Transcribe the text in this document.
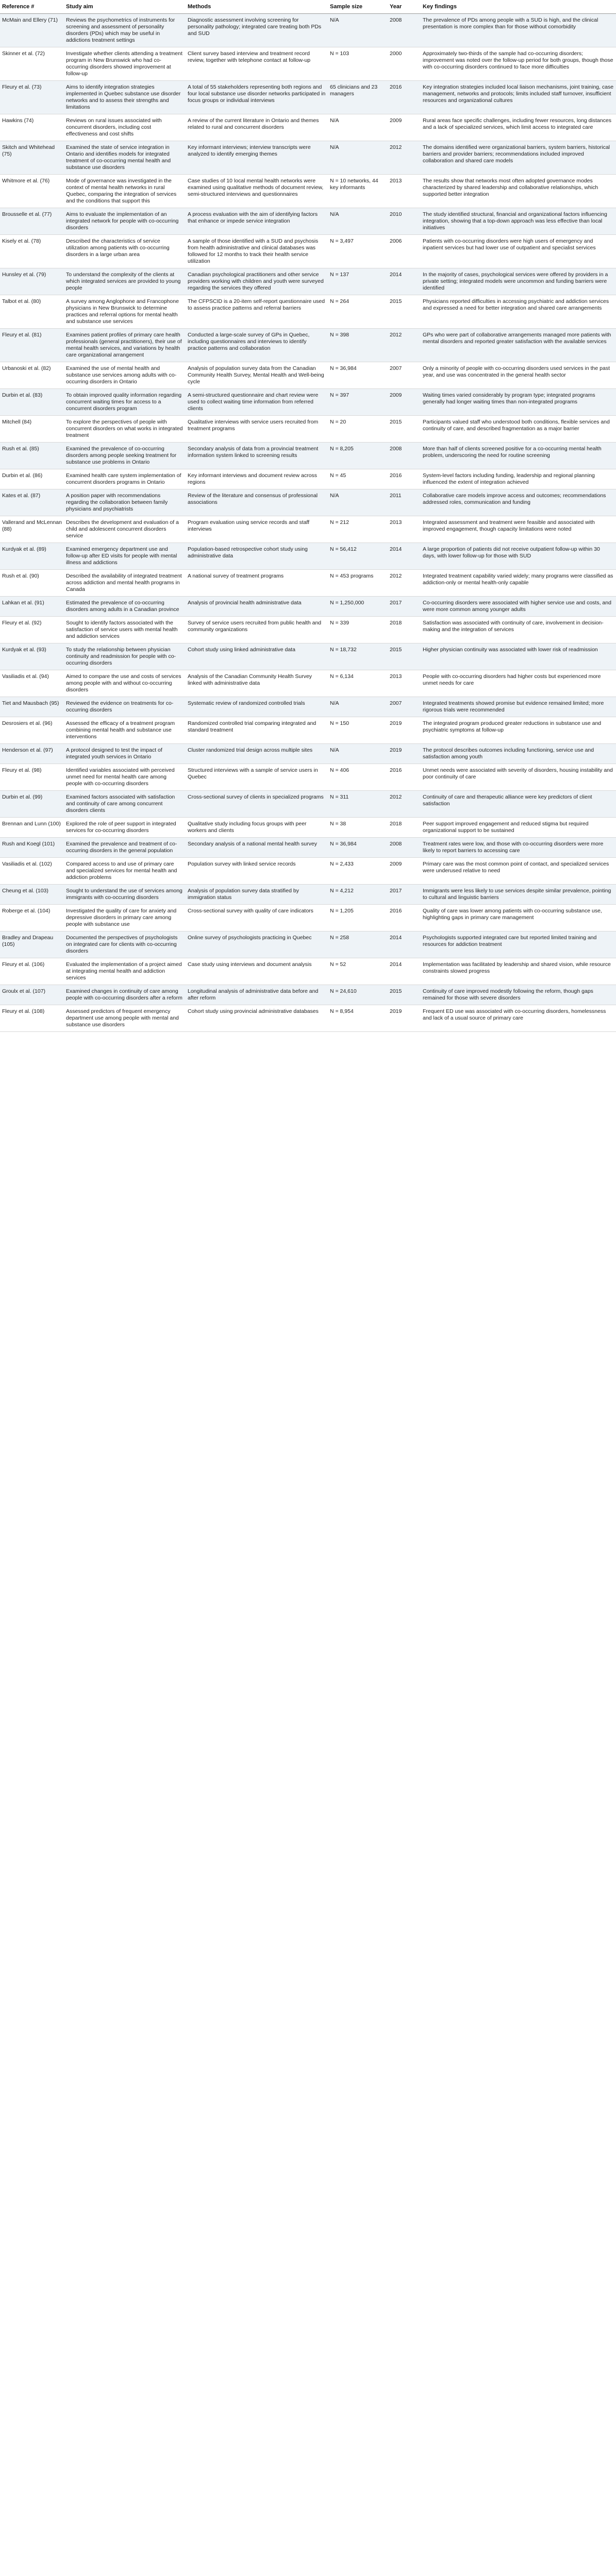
Reference #	Study aim	Methods	Sample size	Year	Key findings
McMain and Ellery (71)	Reviews the psychometrics of instruments for screening and assessment of personality disorders (PDs) which may be useful in addictions treatment settings	Diagnostic assessment involving screening for personality pathology; integrated care treating both PDs and SUD	N/A	2008	The prevalence of PDs among people with a SUD is high, and the clinical presentation is more complex than for those without comorbidity
Skinner et al. (72)	Investigate whether clients attending a treatment program in New Brunswick who had co-occurring disorders showed improvement at follow-up	Client survey based interview and treatment record review, together with telephone contact at follow-up	N = 103	2000	Approximately two-thirds of the sample had co-occurring disorders; improvement was noted over the follow-up period for both groups, though those with co-occurring disorders continued to face more difficulties
Fleury et al. (73)	Aims to identify integration strategies implemented in Quebec substance use disorder networks and to assess their strengths and limitations	A total of 55 stakeholders representing both regions and four local substance use disorder networks participated in focus groups or individual interviews	65 clinicians and 23 managers	2016	Key integration strategies included local liaison mechanisms, joint training, case management, networks and protocols; limits included staff turnover, insufficient resources and organizational cultures
Hawkins (74)	Reviews on rural issues associated with concurrent disorders, including cost effectiveness and cost shifts	A review of the current literature in Ontario and themes related to rural and concurrent disorders	N/A	2009	Rural areas face specific challenges, including fewer resources, long distances and a lack of specialized services, which limit access to integrated care
Skitch and Whitehead (75)	Examined the state of service integration in Ontario and identifies models for integrated treatment of co-occurring mental health and substance use disorders	Key informant interviews; interview transcripts were analyzed to identify emerging themes	N/A	2012	The domains identified were organizational barriers, system barriers, historical barriers and provider barriers; recommendations included improved collaboration and shared care models
Whitmore et al. (76)	Mode of governance was investigated in the context of mental health networks in rural Quebec, comparing the integration of services and the conditions that support this	Case studies of 10 local mental health networks were examined using qualitative methods of document review, semi-structured interviews and questionnaires	N = 10 networks, 44 key informants	2013	The results show that networks most often adopted governance modes characterized by shared leadership and collaborative relationships, which supported better integration
Brousselle et al. (77)	Aims to evaluate the implementation of an integrated network for people with co-occurring disorders	A process evaluation with the aim of identifying factors that enhance or impede service integration	N/A	2010	The study identified structural, financial and organizational factors influencing integration, showing that a top-down approach was less effective than local initiatives
Kisely et al. (78)	Described the characteristics of service utilization among patients with co-occurring disorders in a large urban area	A sample of those identified with a SUD and psychosis from health administrative and clinical databases was followed for 12 months to track their health service utilization	N = 3,497	2006	Patients with co-occurring disorders were high users of emergency and inpatient services but had lower use of outpatient and specialist services
Hunsley et al. (79)	To understand the complexity of the clients at which integrated services are provided to young people	Canadian psychological practitioners and other service providers working with children and youth were surveyed regarding the services they offered	N = 137	2014	In the majority of cases, psychological services were offered by providers in a private setting; integrated models were uncommon and funding barriers were identified
Talbot et al. (80)	A survey among Anglophone and Francophone physicians in New Brunswick to determine practices and referral options for mental health and substance use services	The CFPSCID is a 20-item self-report questionnaire used to assess practice patterns and referral barriers	N = 264	2015	Physicians reported difficulties in accessing psychiatric and addiction services and expressed a need for better integration and shared care arrangements
Fleury et al. (81)	Examines patient profiles of primary care health professionals (general practitioners), their use of mental health services, and variations by health care organizational arrangement	Conducted a large-scale survey of GPs in Quebec, including questionnaires and interviews to identify practice patterns and collaboration	N = 398	2012	GPs who were part of collaborative arrangements managed more patients with mental disorders and reported greater satisfaction with the available services
Urbanoski et al. (82)	Examined the use of mental health and substance use services among adults with co-occurring disorders in Ontario	Analysis of population survey data from the Canadian Community Health Survey, Mental Health and Well-being cycle	N = 36,984	2007	Only a minority of people with co-occurring disorders used services in the past year, and use was concentrated in the general health sector
Durbin et al. (83)	To obtain improved quality information regarding concurrent waiting times for access to a concurrent disorders program	A semi-structured questionnaire and chart review were used to collect waiting time information from referred clients	N = 397	2009	Waiting times varied considerably by program type; integrated programs generally had longer waiting times than non-integrated programs
Mitchell (84)	To explore the perspectives of people with concurrent disorders on what works in integrated treatment	Qualitative interviews with service users recruited from treatment programs	N = 20	2015	Participants valued staff who understood both conditions, flexible services and continuity of care, and described fragmentation as a major barrier
Rush et al. (85)	Examined the prevalence of co-occurring disorders among people seeking treatment for substance use problems in Ontario	Secondary analysis of data from a provincial treatment information system linked to screening results	N = 8,205	2008	More than half of clients screened positive for a co-occurring mental health problem, underscoring the need for routine screening
Durbin et al. (86)	Examined health care system implementation of concurrent disorders programs in Ontario	Key informant interviews and document review across regions	N = 45	2016	System-level factors including funding, leadership and regional planning influenced the extent of integration achieved
Kates et al. (87)	A position paper with recommendations regarding the collaboration between family physicians and psychiatrists	Review of the literature and consensus of professional associations	N/A	2011	Collaborative care models improve access and outcomes; recommendations addressed roles, communication and funding
Vallerand and McLennan (88)	Describes the development and evaluation of a child and adolescent concurrent disorders service	Program evaluation using service records and staff interviews	N = 212	2013	Integrated assessment and treatment were feasible and associated with improved engagement, though capacity limitations were noted
Kurdyak et al. (89)	Examined emergency department use and follow-up after ED visits for people with mental illness and addictions	Population-based retrospective cohort study using administrative data	N = 56,412	2014	A large proportion of patients did not receive outpatient follow-up within 30 days, with lower follow-up for those with SUD
Rush et al. (90)	Described the availability of integrated treatment across addiction and mental health programs in Canada	A national survey of treatment programs	N = 453 programs	2012	Integrated treatment capability varied widely; many programs were classified as addiction-only or mental health-only capable
Lahkan et al. (91)	Estimated the prevalence of co-occurring disorders among adults in a Canadian province	Analysis of provincial health administrative data	N = 1,250,000	2017	Co-occurring disorders were associated with higher service use and costs, and were more common among younger adults
Fleury et al. (92)	Sought to identify factors associated with the satisfaction of service users with mental health and addiction services	Survey of service users recruited from public health and community organizations	N = 339	2018	Satisfaction was associated with continuity of care, involvement in decision-making and the integration of services
Kurdyak et al. (93)	To study the relationship between physician continuity and readmission for people with co-occurring disorders	Cohort study using linked administrative data	N = 18,732	2015	Higher physician continuity was associated with lower risk of readmission
Vasiliadis et al. (94)	Aimed to compare the use and costs of services among people with and without co-occurring disorders	Analysis of the Canadian Community Health Survey linked with administrative data	N = 6,134	2013	People with co-occurring disorders had higher costs but experienced more unmet needs for care
Tiet and Mausbach (95)	Reviewed the evidence on treatments for co-occurring disorders	Systematic review of randomized controlled trials	N/A	2007	Integrated treatments showed promise but evidence remained limited; more rigorous trials were recommended
Desrosiers et al. (96)	Assessed the efficacy of a treatment program combining mental health and substance use interventions	Randomized controlled trial comparing integrated and standard treatment	N = 150	2019	The integrated program produced greater reductions in substance use and psychiatric symptoms at follow-up
Henderson et al. (97)	A protocol designed to test the impact of integrated youth services in Ontario	Cluster randomized trial design across multiple sites	N/A	2019	The protocol describes outcomes including functioning, service use and satisfaction among youth
Fleury et al. (98)	Identified variables associated with perceived unmet need for mental health care among people with co-occurring disorders	Structured interviews with a sample of service users in Quebec	N = 406	2016	Unmet needs were associated with severity of disorders, housing instability and poor continuity of care
Durbin et al. (99)	Examined factors associated with satisfaction and continuity of care among concurrent disorders clients	Cross-sectional survey of clients in specialized programs	N = 311	2012	Continuity of care and therapeutic alliance were key predictors of client satisfaction
Brennan and Lunn (100)	Explored the role of peer support in integrated services for co-occurring disorders	Qualitative study including focus groups with peer workers and clients	N = 38	2018	Peer support improved engagement and reduced stigma but required organizational support to be sustained
Rush and Koegl (101)	Examined the prevalence and treatment of co-occurring disorders in the general population	Secondary analysis of a national mental health survey	N = 36,984	2008	Treatment rates were low, and those with co-occurring disorders were more likely to report barriers to accessing care
Vasiliadis et al. (102)	Compared access to and use of primary care and specialized services for mental health and addiction problems	Population survey with linked service records	N = 2,433	2009	Primary care was the most common point of contact, and specialized services were underused relative to need
Cheung et al. (103)	Sought to understand the use of services among immigrants with co-occurring disorders	Analysis of population survey data stratified by immigration status	N = 4,212	2017	Immigrants were less likely to use services despite similar prevalence, pointing to cultural and linguistic barriers
Roberge et al. (104)	Investigated the quality of care for anxiety and depressive disorders in primary care among people with substance use	Cross-sectional survey with quality of care indicators	N = 1,205	2016	Quality of care was lower among patients with co-occurring substance use, highlighting gaps in primary care management
Bradley and Drapeau (105)	Documented the perspectives of psychologists on integrated care for clients with co-occurring disorders	Online survey of psychologists practicing in Quebec	N = 258	2014	Psychologists supported integrated care but reported limited training and resources for addiction treatment
Fleury et al. (106)	Evaluated the implementation of a project aimed at integrating mental health and addiction services	Case study using interviews and document analysis	N = 52	2014	Implementation was facilitated by leadership and shared vision, while resource constraints slowed progress
Groulx et al. (107)	Examined changes in continuity of care among people with co-occurring disorders after a reform	Longitudinal analysis of administrative data before and after reform	N = 24,610	2015	Continuity of care improved modestly following the reform, though gaps remained for those with severe disorders
Fleury et al. (108)	Assessed predictors of frequent emergency department use among people with mental and substance use disorders	Cohort study using provincial administrative databases	N = 8,954	2019	Frequent ED use was associated with co-occurring disorders, homelessness and lack of a usual source of primary care
